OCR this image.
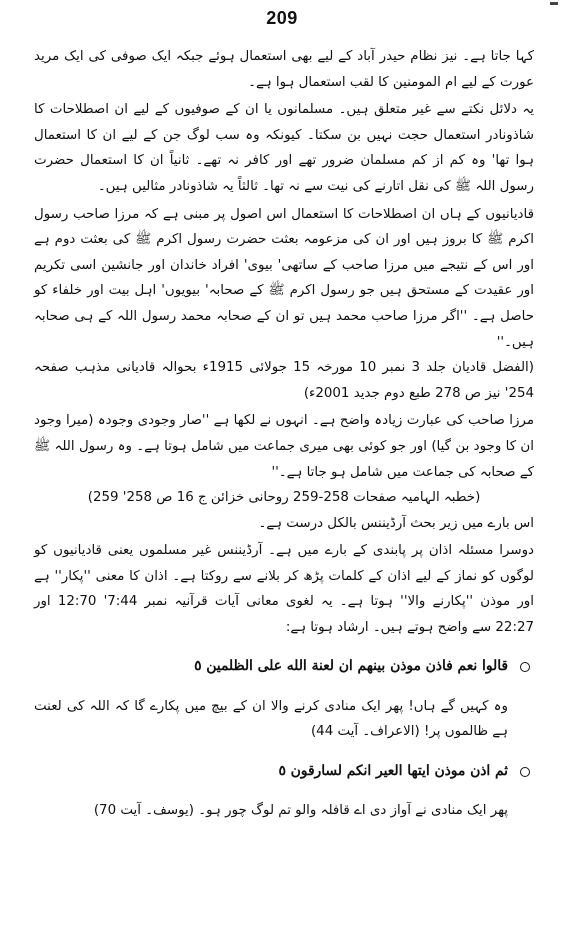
209

کہا جاتا ہے۔ نیز نظام حیدر آباد کے لیے بھی استعمال ہوئے جبکہ ایک صوفی کی ایک مرید عورت کے لیے ام المومنین کا لقب استعمال ہوا ہے۔

یہ دلائل نکتے سے غیر متعلق ہیں۔ مسلمانوں یا ان کے صوفیوں کے لیے ان اصطلاحات کا شاذونادر استعمال حجت نہیں بن سکتا۔ کیونکہ وہ سب لوگ جن کے لیے ان کا استعمال ہوا تھا' وہ کم از کم مسلمان ضرور تھے اور کافر نہ تھے۔ ثانیاً ان کا استعمال حضرت رسول اللہ ﷺ کی نقل اتارنے کی نیت سے نہ تھا۔ ثالثاً یہ شاذونادر مثالیں ہیں۔

قادیانیوں کے ہاں ان اصطلاحات کا استعمال اس اصول پر مبنی ہے کہ مرزا صاحب رسول اکرم ﷺ کا بروز ہیں اور ان کی مزعومہ بعثت حضرت رسول اکرم ﷺ کی بعثت دوم ہے اور اس کے نتیجے میں مرزا صاحب کے ساتھی' بیوی' افراد خاندان اور جانشین اسی تکریم اور عقیدت کے مستحق ہیں جو رسول اکرم ﷺ کے صحابہ' بیویوں' اہل بیت اور خلفاء کو حاصل ہے۔ ''اگر مرزا صاحب محمد ہیں تو ان کے صحابہ محمد رسول اللہ کے ہی صحابہ ہیں۔''

(الفضل قادیان جلد 3 نمبر 10 مورخہ 15 جولائی 1915ء بحوالہ قادیانی مذہب صفحہ 254' نیز ص 278 طبع دوم جدید 2001ء)

مرزا صاحب کی عبارت زیادہ واضح ہے۔ انہوں نے لکھا ہے ''صار وجودی وجودہ (میرا وجود ان کا وجود بن گیا) اور جو کوئی بھی میری جماعت میں شامل ہوتا ہے۔ وہ رسول اللہ ﷺ کے صحابہ کی جماعت میں شامل ہو جاتا ہے۔''

(خطبہ الہامیہ صفحات 258-259 روحانی خزائن ج 16 ص 258' 259)

اس بارے میں زیر بحث آرڈیننس بالکل درست ہے۔

دوسرا مسئلہ اذان پر پابندی کے بارے میں ہے۔ آرڈیننس غیر مسلموں یعنی قادیانیوں کو لوگوں کو نماز کے لیے اذان کے کلمات پڑھ کر بلانے سے روکتا ہے۔ اذان کا معنی ''پکار'' ہے اور موذن ''پکارنے والا'' ہوتا ہے۔ یہ لغوی معانی آیات قرآنیہ نمبر 7:44' 12:70 اور 22:27 سے واضح ہوتے ہیں۔ ارشاد ہوتا ہے:

قالوا نعم فاذن موذن بینهم ان لعنة الله على الظلمين ٥

وہ کہیں گے ہاں! پھر ایک منادی کرنے والا ان کے بیچ میں پکارے گا کہ اللہ کی لعنت ہے ظالموں پر! (الاعراف۔ آیت 44)

ثم اذن موذن ايتها العير انكم لسارقون ٥

پھر ایک منادی نے آواز دی اے قافلہ والو تم لوگ چور ہو۔ (یوسف۔ آیت 70)
